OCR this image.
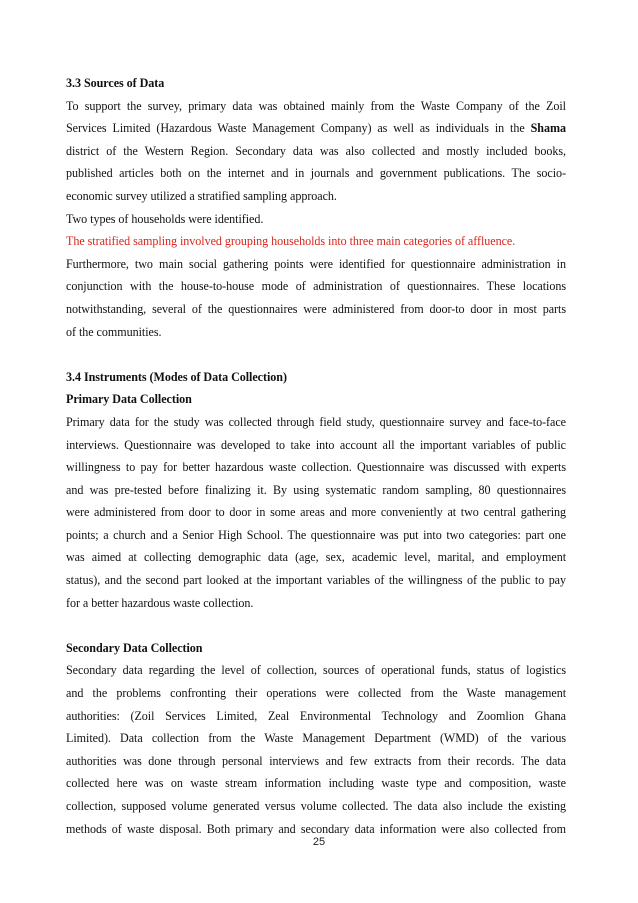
3.3 Sources of Data
To support the survey, primary data was obtained mainly from the Waste Company of the Zoil
Services Limited (Hazardous Waste Management Company) as well as individuals in the Shama
district of the Western Region. Secondary data was also collected and mostly included books,
published articles both on the internet and in journals and government publications. The socio-
economic survey utilized a stratified sampling approach.
Two types of households were identified.
The stratified sampling involved grouping households into three main categories of affluence.
Furthermore, two main social gathering points were identified for questionnaire administration in
conjunction with the house-to-house mode of administration of questionnaires. These locations
notwithstanding, several of the questionnaires were administered from door-to door in most parts
of the communities.
3.4 Instruments (Modes of Data Collection)
Primary Data Collection
Primary data for the study was collected through field study, questionnaire survey and face-to-face
interviews. Questionnaire was developed to take into account all the important variables of public
willingness to pay for better hazardous waste collection. Questionnaire was discussed with experts
and was pre-tested before finalizing it. By using systematic random sampling, 80 questionnaires
were administered from door to door in some areas and more conveniently at two central gathering
points; a church and a Senior High School. The questionnaire was put into two categories: part one
was aimed at collecting demographic data (age, sex, academic level, marital, and employment
status), and the second part looked at the important variables of the willingness of the public to pay
for a better hazardous waste collection.
Secondary Data Collection
Secondary data regarding the level of collection, sources of operational funds, status of logistics
and the problems confronting their operations were collected from the Waste management
authorities: (Zoil Services Limited, Zeal Environmental Technology and Zoomlion Ghana
Limited). Data collection from the Waste Management Department (WMD) of the various
authorities was done through personal interviews and few extracts from their records. The data
collected here was on waste stream information including waste type and composition, waste
collection, supposed volume generated versus volume collected. The data also include the existing
methods of waste disposal. Both primary and secondary data information were also collected from
25
